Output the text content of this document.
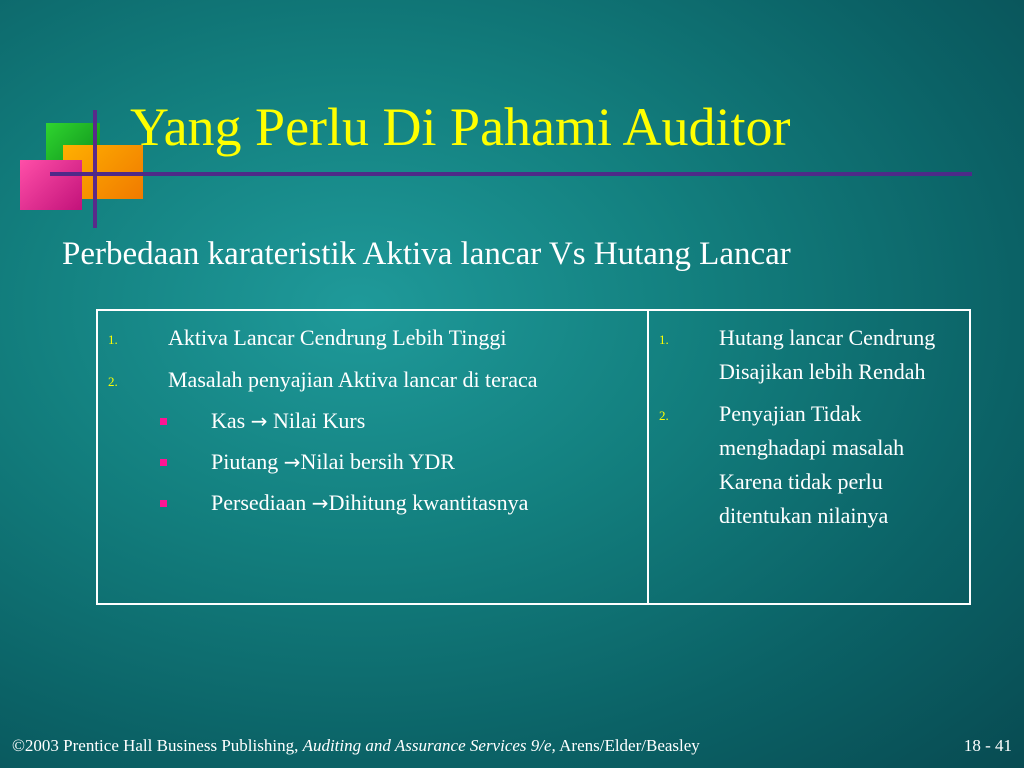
Yang Perlu Di Pahami Auditor

Perbedaan karateristik Aktiva lancar Vs Hutang Lancar

1.	Aktiva Lancar Cendrung Lebih Tinggi
2.	Masalah penyajian Aktiva lancar di teraca
Kas → Nilai Kurs
Piutang →Nilai bersih YDR
Persediaan →Dihitung kwantitasnya
1.	Hutang lancar Cendrung Disajikan lebih Rendah
2.	Penyajian Tidak menghadapi masalah Karena tidak perlu ditentukan nilainya

©2003 Prentice Hall Business Publishing, Auditing and Assurance Services 9/e, Arens/Elder/Beasley	18 - 41
